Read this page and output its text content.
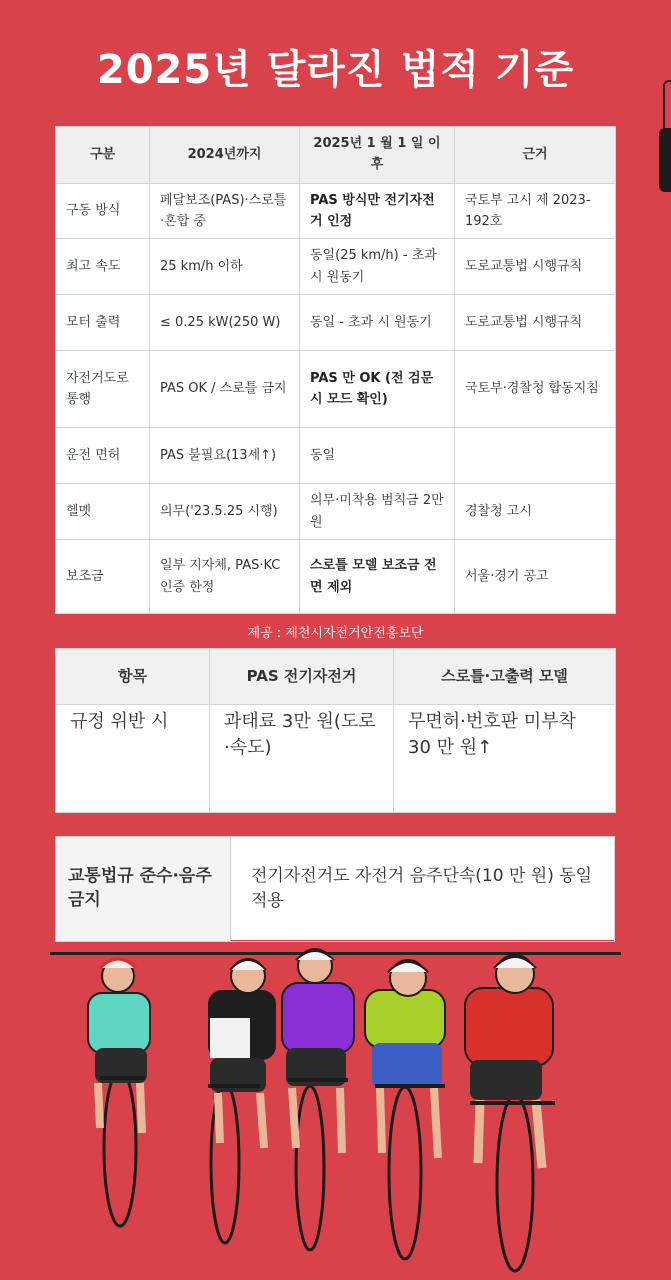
2025년 달라진 법적 기준
구분	2024년까지	2025년 1 월 1 일 이후	근거
구동 방식	페달보조(PAS)·스로틀·혼합 중	PAS 방식만 전기자전거 인정	국토부 고시 제 2023-192호
최고 속도	25 km/h 이하	동일(25 km/h) - 초과 시 원동기	도로교통법 시행규칙
모터 출력	≤ 0.25 kW(250 W)	동일 - 초과 시 원동기	도로교통법 시행규칙
자전거도로 통행	PAS OK / 스로틀 금지	PAS 만 OK (전 검문 시 모드 확인)	국토부·경찰청 합동지침
운전 면허	PAS 불필요(13세↑)	동일	
헬멧	의무('23.5.25 시행)	의무·미착용 범칙금 2만 원	경찰청 고시
보조금	일부 지자체, PAS·KC 인증 한정	스로틀 모델 보조금 전면 제외	서울·경기 공고
제공 : 제천시자전거안전홍보단
항목	PAS 전기자전거	스로틀·고출력 모델
규정 위반 시	과태료 3만 원(도로·속도)	무면허·번호판 미부착 30 만 원↑
교통법규 준수·음주 금지	전기자전거도 자전거 음주단속(10 만 원) 동일 적용
